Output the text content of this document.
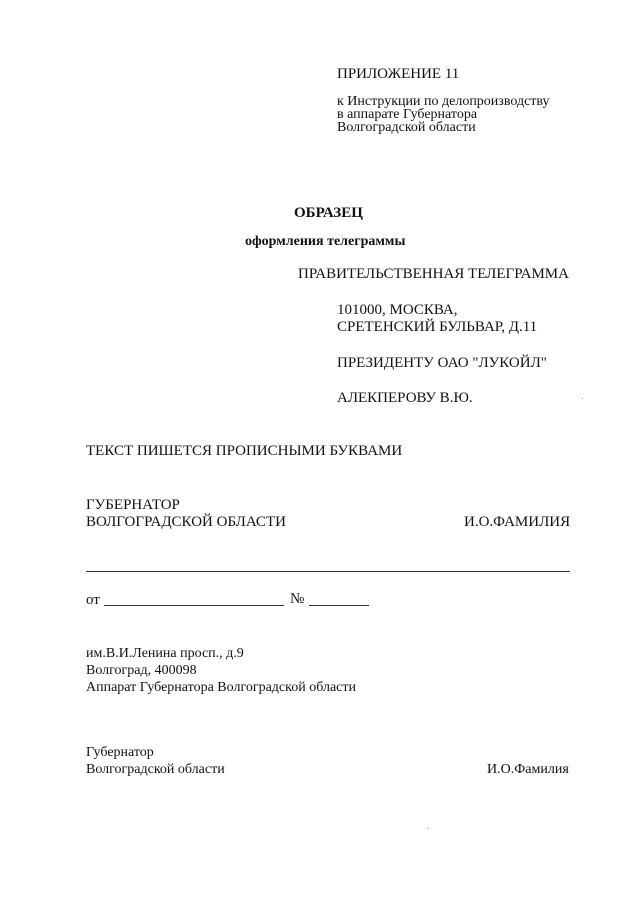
ПРИЛОЖЕНИЕ 11
к Инструкции по делопроизводству
в аппарате Губернатора
Волгоградской области
ОБРАЗЕЦ
оформления телеграммы
ПРАВИТЕЛЬСТВЕННАЯ ТЕЛЕГРАММА
101000, МОСКВА,
СРЕТЕНСКИЙ БУЛЬВАР, Д.11
ПРЕЗИДЕНТУ ОАО "ЛУКОЙЛ"
АЛЕКПЕРОВУ В.Ю.
ТЕКСТ ПИШЕТСЯ ПРОПИСНЫМИ БУКВАМИ
ГУБЕРНАТОР
ВОЛГОГРАДСКОЙ ОБЛАСТИ	И.О.ФАМИЛИЯ
от	№
им.В.И.Ленина просп., д.9
Волгоград, 400098
Аппарат Губернатора Волгоградской области
Губернатор
Волгоградской области	И.О.Фамилия
